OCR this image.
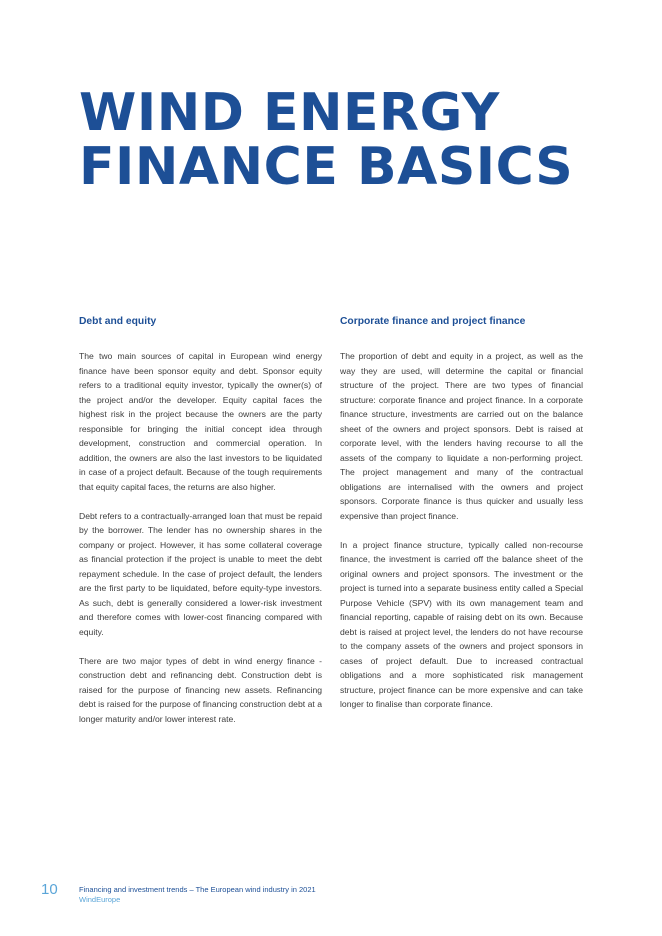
WIND ENERGY
FINANCE BASICS
Debt and equity

The two main sources of capital in European wind energy finance have been sponsor equity and debt. Sponsor equity refers to a traditional equity investor, typically the owner(s) of the project and/or the developer. Equity capital faces the highest risk in the project because the owners are the party responsible for bringing the initial concept idea through development, construction and commercial operation. In addition, the owners are also the last investors to be liquidated in case of a project default. Because of the tough requirements that equity capital faces, the returns are also higher.

Debt refers to a contractually-arranged loan that must be repaid by the borrower. The lender has no ownership shares in the company or project. However, it has some collateral coverage as financial protection if the project is unable to meet the debt repayment schedule. In the case of project default, the lenders are the first party to be liquidated, before equity-type investors. As such, debt is generally considered a lower-risk investment and therefore comes with lower-cost financing compared with equity.

There are two major types of debt in wind energy finance - construction debt and refinancing debt. Construction debt is raised for the purpose of financing new assets. Refinancing debt is raised for the purpose of financing construction debt at a longer maturity and/or lower interest rate.

Corporate finance and project finance

The proportion of debt and equity in a project, as well as the way they are used, will determine the capital or financial structure of the project. There are two types of financial structure: corporate finance and project finance. In a corporate finance structure, investments are carried out on the balance sheet of the owners and project sponsors. Debt is raised at corporate level, with the lenders having recourse to all the assets of the company to liquidate a non-performing project. The project management and many of the contractual obligations are internalised with the owners and project sponsors. Corporate finance is thus quicker and usually less expensive than project finance.

In a project finance structure, typically called non-recourse finance, the investment is carried off the balance sheet of the original owners and project sponsors. The investment or the project is turned into a separate business entity called a Special Purpose Vehicle (SPV) with its own management team and financial reporting, capable of raising debt on its own. Because debt is raised at project level, the lenders do not have recourse to the company assets of the owners and project sponsors in cases of project default. Due to increased contractual obligations and a more sophisticated risk management structure, project finance can be more expensive and can take longer to finalise than corporate finance.

10	Financing and investment trends – The European wind industry in 2021
WindEurope
